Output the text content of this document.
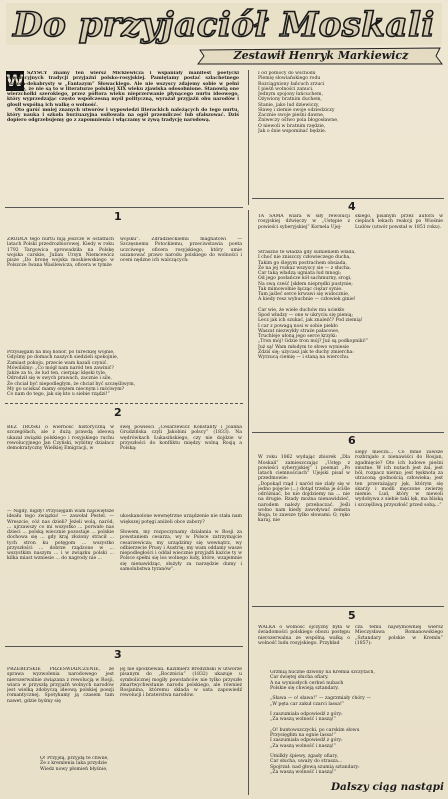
Do przyjaciół Moskali
Zestawił Henryk Markiewicz
W SZYSCY znamy ten wiersz Mickiewicza i wspaniały manifest poetycki rewolucyjnych tradycji przyjaźni polsko-rosyjskiej. Pamiętamy postać szlachetnego Majora-dekabrysty w „Fantazym” Słowackiego. Ale nie wszyscy zdajemy sobie w pełni sprawę, że nie są to w literaturze polskiej XIX wieku zjawiska odosobnione. Stanowią one wierzchołki szerokiego, przez półtora wieku nieprzerwanie płynącego nurtu ideowego, który wyprzedzając często współczesną myśl polityczną, wyrażał przyjaźń obu narodów i głosił wspólną ich walkę o wolność.

Oto garść mniej znanych utworów i wypowiedzi literackich należących do tego nurtu, który nauka i szkoła burżuazyjna usiłowała na ogół przemilczeć lub sfałszować. Dziś dopiero odgrzebujemy go z zapomnienia i włączamy w żywą tradycję narodową.

I od północy do wschodu

Plemię słowiańskiego rodu

Rozciągniony łańcuch zrzuci

I pieśń wolności zanuci.

Jednym spojony łańcuchem,

Ożywiony bratnim duchem,

Stanie, jako lud dziewiczy,

Sławę i ziemie swoje odziedziczy

Zacznie swoje pieśni dawne,

Zniweczy oštwo pola błogosławne,

O niewoli w bratnim rzędzie,

Jak o śnie wspominać będzie.

1

ŹRÓDŁA tego nurtu biją jeszcze w ostatnich latach Polski przedrozbiorowej. Kiedy w roku 1792 Targowica sprowadziła na Polskę wojska carskie, Julian Ursyn Niemcewicz pisze „Do bronę wojska moskiewskiego w Polszcze Iwana Wasilewicza, oficera w tymże

wojsku”. Zdradzieckiemu magnatowi — Szczęsnemu Potockiemu, przeciwstawia poeta uczciwego oficera rosyjskiego, który umie uszanować prawo narodu polskiego do wolności i oceni nędzne ich walczących:

Przysięgam na mój honor, po tureckiej wojnie,

Gdyśmy po domach naszych siedzieli spokojnie,

Zamiast pokoju, przecie wam kazali czynić.

Mówiliśmy: „Co mógł nam naród ten zawinić?

Jakże za to, że lud ten, cierpiąc klęski tyle,

Odrodził się w swych prawach, zacznie i sile,

Że chciał być niepodległym, że chciał być szczęśliwym,

My go uciskać mamy orężem niecnym i mściwym?

Co nam do tego, jak się kto u siebie rządzi!”

4

TA SAMA wiara w siły rewolucji rosyjskiej dźwięczy w „Ustępie z powieści syberyjskiej” Kornela Ujej-

skiego, pisanym przez autora w cieplach lekach reakcji po Wiośnie Ludów (utwór powstał w 1851 roku).

Straszno te władza gdy sumieniem włada,

I choć nie zniszczy człowieczego ducha,

Takim go ślepym postrachem obsiada,

Że na jej rozkaz wszyscy sie — z słucha.

Car taką władzą ugniata lud mnogi;

Od jego posłańcze kół sachmurny, srogi,

Na swą cześć [skłem nieprędki pustynie;

Tak mimowolnie łącząc ciężar synie.

Tam jaśleć serce krwawi się widocznie,

A kiedy resz wybuchnie — człowiek ginie!

Car wie, że wiele duchów mu uciekło

Spod władzy — one w ukryciu się pienią;

Lecz jak ich szukać, jak znaleźć? Pod ziemią!

I car z powagą nosi w sobie piekło

Waszat niezwykły straże pałacowe,

Truchleje ułoną jego serce krzyki:

„Tron mój! Gdzie tron mój? Już są podkopniki!”

Już są! Wam młodym to słowo wyniesie

Zdziś się; użycasz jak te duchy zmiercha:

Wyrzucą ciemię — i staną na wiercchu.

2

BEZ TROSKI o wierność historyczną w szczegółach, ale z dużą prawdą ideową ukazał związki polskiego i rosyjskiego ruchu rewolucyjnego Jan Czyński, wybitny działacz demokratyczny Wielkiej Emigracji, w

swej powieści „Cesarzewicz Konstanty i Joanna Grudzińska czyli Jakobini polscy” (1833). Na wędrówkach Łukasińskiego, czy nie dojdzie w przyszłości do konfliktu między wolną Rosją a Polską:

— Nigdy, nigdy! Przysięgam wam najświętsze ideału tego związku! — zawołał Pestel. — Wreszcie, cóż nas dzieli? Jeżeli wolą, naród, ... ujrzawszy co mi wszystko ... porwało nas dzieci ... polską wiecznie pozostaje ... polskie dochowa się ... gdy kraj złożony stracił ... tych stron ku potęgom ... wszystko przyszłości ... dobrze rządzone w ... wszystkim naszym ... i w związku polski ... kilka miast wzniesie ... do nagrody nie ...

ukoskanolone wewnętrzne urządzenie nie stała nam większej potęgi aniżeli obce zabory?

Słowem, my rozpoczynamy działania w Rosji za powstaniem cesarza, wy w Polsce zatrzymajcie cesarzewicza; my urządzimy się wewnątrz, wy odbierzecie Prusy i Austrię; my wam oddamy wasze niepodległości i oddał wiecznie przyjaźń każcie ty w Polsce spełni się los wolnego ludy, które, wzajemnie się nienawidząc, służyły za narzędzie dumy i samolubstwa tyranów”.

6

W roku 1862 wydając zbiorek „Dla Moskali” zamieszczając „Ustęp z powieści syberyjskiej” i poemat „Po latach ciemnościach” Ujejski pisał w przedmowie:
„Dopokąd rząd i naród nie zlały się w jedno pojęcie (...) dotąd trzeba je ściśle odróżniać, bo nie dojdziemy na ... nie na drugie. Rzady można nienawidzieć, narodem należy przebaczać. Jeśli wolno nam kiedy zawoływać zemsta Boga, to zawsze tylko słowami: O, ręko karaj, nie

ślepy mieczu... Co mnie zawsze rozbrajało z nienawiści do Rosjan, zgadnięcie? Oto ich ludowe pieśni smutne. W ich nutach jest żal, jest ból, rozpacz nieraz; jest tęsknota za utraconą godnością człowieka; jest ten przerażający jęk, którym się skarży i modli męczone zwierzę niemie. Lud, który w niewoli wydobywa z siebie taki lęk, ma bliską i szczęśliwą przyszłość przed sobą...”

3

PRZEBŁYSKIE PRZEŚWIADCZENIE, że sprawa wyzwolenia narodowego jest nierozerwalnie związana z rewolucją w Rosji, wiara w przyszłą przyjaźń wolnych narodów jest wielką zdobyczą ideową polskiej poezji romantycznej. Spotykamy ją czasem tam nawet, gdzie byśmy się

jej nie spodziewali. Kazimierz Brodziński w utworze pisanym do „Rocznicia” (1832) ukazuje u symbolicznej mogiły powstańców nie tylko przyszłe zmartwychwstanie narodu polskiego, ale również Rosjanina, któremu składa w usta zapowiedź rewolucji i braterstwa narodów.

O! Przyjdą, przyjdą te chwile,

Że z kremlenia laka przydzie

Wiedz nowy płomień błyśnie,

5

WALKA o wolność ojczyzny była w świadomości polskiego obozu postępu nierozerwalna ze wspólną walką o wolność ludu rosyjskiego. Przykład

cza temu najwymowniej wiersz Mieczysława Romanowskiego „Sztandary polskie w Kremlu” (1857):

Grzmią huczne dzwony na Kremla szczytach,

Car świętej słucha ofiary.

A na wyniosłych cerkwi nubach

Polskie się chwieją sztandary.

„Sława — o! sława!” — zagrzmiały chóry —

„W pęta car zakuł czarci lassa!”

I zaszumiała odpowiedź z góry:

„Za waszą wolność i naszą!”

„O! buntowszczycki, po carskim słowu

Przysięgłim na ognie lassa!”

I zaszumiała odpowiedź z góry:

„Za waszą wolność i naszą!”

Umilkły śpiewy, zgasły ofiary,

Car słucha, uważy do strasza...

Spojrzał: nad głową szumią sztandary:

„Za waszą wolność i naszą!”

Dalszy ciąg nastąpi
